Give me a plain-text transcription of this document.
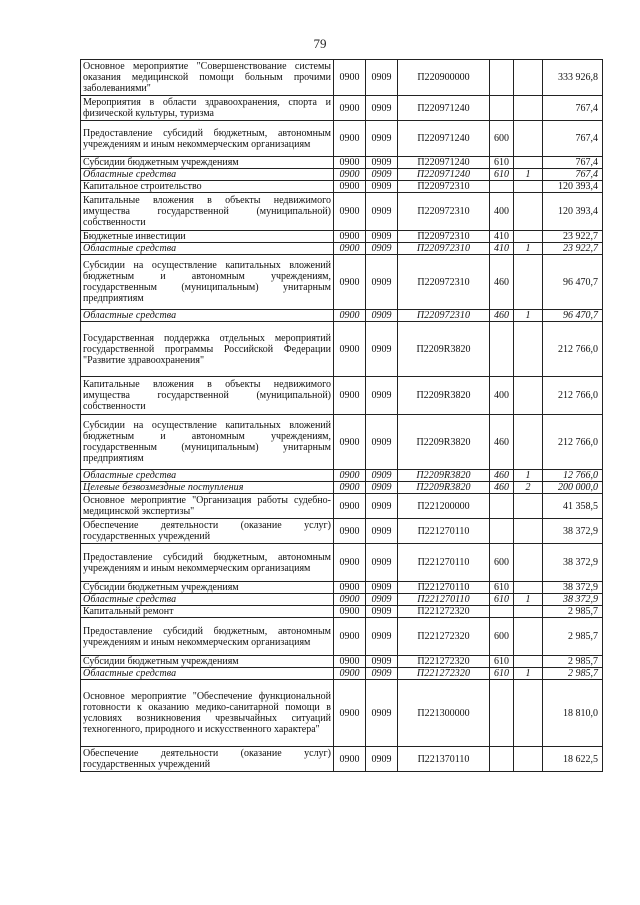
79
Основное мероприятие "Совершенствование системы оказания медицинской помощи больным прочими заболеваниями"	0900	0909	П220900000			333 926,8
Мероприятия в области здравоохранения, спорта и физической культуры, туризма	0900	0909	П220971240			767,4
Предоставление субсидий бюджетным, автономным учреждениям и иным некоммерческим организациям	0900	0909	П220971240	600		767,4
Субсидии бюджетным учреждениям	0900	0909	П220971240	610		767,4
Областные средства	0900	0909	П220971240	610	1	767,4
Капитальное строительство	0900	0909	П220972310			120 393,4
Капитальные вложения в объекты недвижимого имущества государственной (муниципальной) собственности	0900	0909	П220972310	400		120 393,4
Бюджетные инвестиции	0900	0909	П220972310	410		23 922,7
Областные средства	0900	0909	П220972310	410	1	23 922,7
Субсидии на осуществление капитальных вложений бюджетным и автономным учреждениям, государственным (муниципальным) унитарным предприятиям	0900	0909	П220972310	460		96 470,7
Областные средства	0900	0909	П220972310	460	1	96 470,7
Государственная поддержка отдельных мероприятий государственной программы Российской Федерации "Развитие здравоохранения"	0900	0909	П2209R3820			212 766,0
Капитальные вложения в объекты недвижимого имущества государственной (муниципальной) собственности	0900	0909	П2209R3820	400		212 766,0
Субсидии на осуществление капитальных вложений бюджетным и автономным учреждениям, государственным (муниципальным) унитарным предприятиям	0900	0909	П2209R3820	460		212 766,0
Областные средства	0900	0909	П2209R3820	460	1	12 766,0
Целевые безвозмездные поступления	0900	0909	П2209R3820	460	2	200 000,0
Основное мероприятие "Организация работы судебно-медицинской экспертизы"	0900	0909	П221200000			41 358,5
Обеспечение деятельности (оказание услуг) государственных учреждений	0900	0909	П221270110			38 372,9
Предоставление субсидий бюджетным, автономным учреждениям и иным некоммерческим организациям	0900	0909	П221270110	600		38 372,9
Субсидии бюджетным учреждениям	0900	0909	П221270110	610		38 372,9
Областные средства	0900	0909	П221270110	610	1	38 372,9
Капитальный ремонт	0900	0909	П221272320			2 985,7
Предоставление субсидий бюджетным, автономным учреждениям и иным некоммерческим организациям	0900	0909	П221272320	600		2 985,7
Субсидии бюджетным учреждениям	0900	0909	П221272320	610		2 985,7
Областные средства	0900	0909	П221272320	610	1	2 985,7
Основное мероприятие "Обеспечение функциональной готовности к оказанию медико-санитарной помощи в условиях возникновения чрезвычайных ситуаций техногенного, природного и искусственного характера"	0900	0909	П221300000			18 810,0
Обеспечение деятельности (оказание услуг) государственных учреждений	0900	0909	П221370110			18 622,5
